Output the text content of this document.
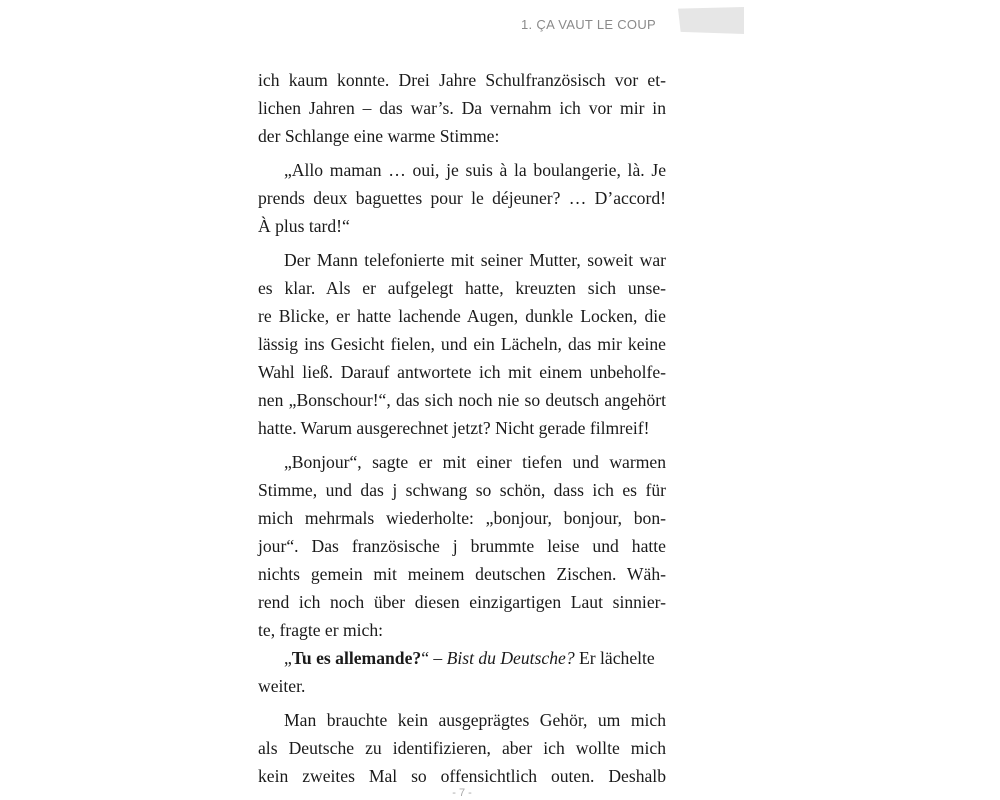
1. ÇA VAUT LE COUP
ich kaum konnte. Drei Jahre Schulfranzösisch vor et-
lichen Jahren – das war’s. Da vernahm ich vor mir in
der Schlange eine warme Stimme:
„Allo maman … oui, je suis à la boulangerie, là. Je
prends deux baguettes pour le déjeuner? … D’accord!
À plus tard!“
Der Mann telefonierte mit seiner Mutter, soweit war
es klar. Als er aufgelegt hatte, kreuzten sich unse-
re Blicke, er hatte lachende Augen, dunkle Locken, die
lässig ins Gesicht fielen, und ein Lächeln, das mir keine
Wahl ließ. Darauf antwortete ich mit einem unbeholfe-
nen „Bonschour!“, das sich noch nie so deutsch angehört
hatte. Warum ausgerechnet jetzt? Nicht gerade filmreif!
„Bonjour“, sagte er mit einer tiefen und warmen
Stimme, und das j schwang so schön, dass ich es für
mich mehrmals wiederholte: „bonjour, bonjour, bon-
jour“. Das französische j brummte leise und hatte
nichts gemein mit meinem deutschen Zischen. Wäh-
rend ich noch über diesen einzigartigen Laut sinnier-
te, fragte er mich:
„Tu es allemande?“ – Bist du Deutsche? Er lächelte
weiter.
Man brauchte kein ausgeprägtes Gehör, um mich
als Deutsche zu identifizieren, aber ich wollte mich
kein zweites Mal so offensichtlich outen. Deshalb
- 7 -
